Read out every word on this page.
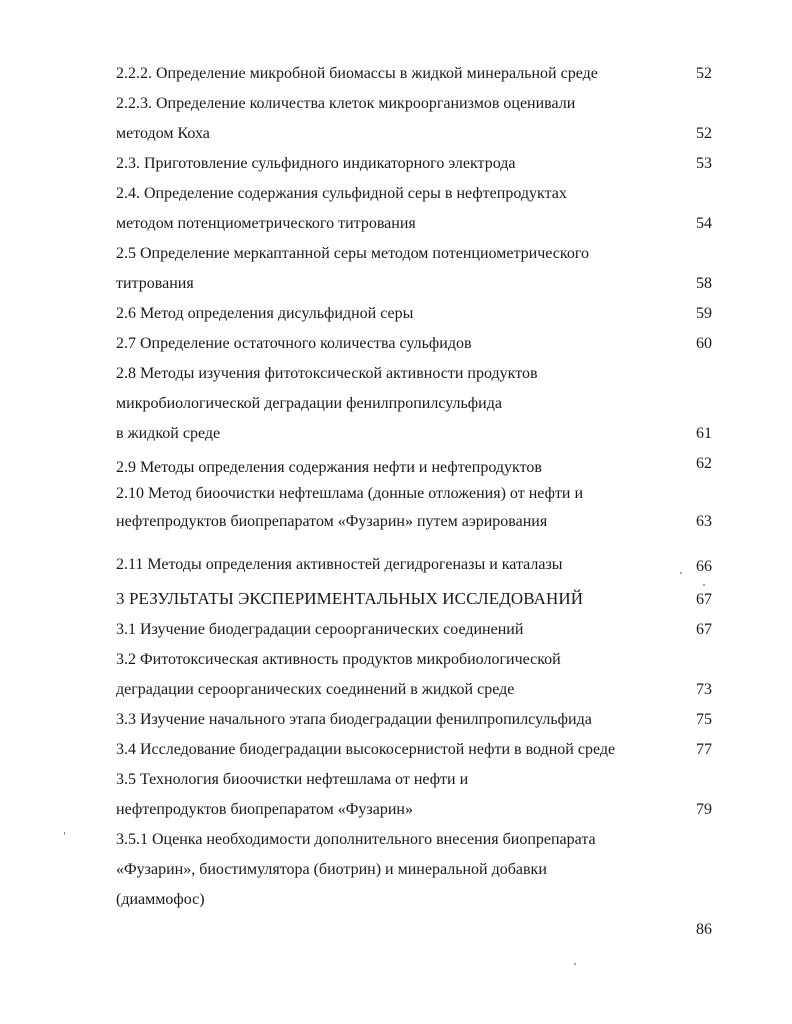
2.2.2. Определение микробной биомассы в жидкой минеральной среде	52
2.2.3. Определение количества клеток микроорганизмов оценивали
методом Коха	52
2.3. Приготовление сульфидного индикаторного электрода	53
2.4. Определение содержания сульфидной серы в нефтепродуктах
методом потенциометрического титрования	54
2.5 Определение меркаптанной серы методом потенциометрического
титрования	58
2.6 Метод определения дисульфидной серы	59
2.7 Определение остаточного количества сульфидов	60
2.8 Методы изучения фитотоксической активности продуктов
микробиологической деградации фенилпропилсульфида
в жидкой среде	61
2.9 Методы определения содержания нефти и нефтепродуктов	62
2.10 Метод биоочистки нефтешлама (донные отложения) от нефти и
нефтепродуктов биопрепаратом «Фузарин» путем аэрирования	63
2.11 Методы определения активностей дегидрогеназы и каталазы	66
3 РЕЗУЛЬТАТЫ ЭКСПЕРИМЕНТАЛЬНЫХ ИССЛЕДОВАНИЙ	67
3.1 Изучение биодеградации сероорганических соединений	67
3.2 Фитотоксическая активность продуктов микробиологической
деградации сероорганических соединений в жидкой среде	73
3.3 Изучение начального этапа биодеградации фенилпропилсульфида	75
3.4 Исследование биодеградации высокосернистой нефти в водной среде	77
3.5 Технология биоочистки нефтешлама от нефти и
нефтепродуктов биопрепаратом «Фузарин»	79
3.5.1 Оценка необходимости дополнительного внесения биопрепарата
«Фузарин», биостимулятора (биотрин) и минеральной добавки
(диаммофос)
86
